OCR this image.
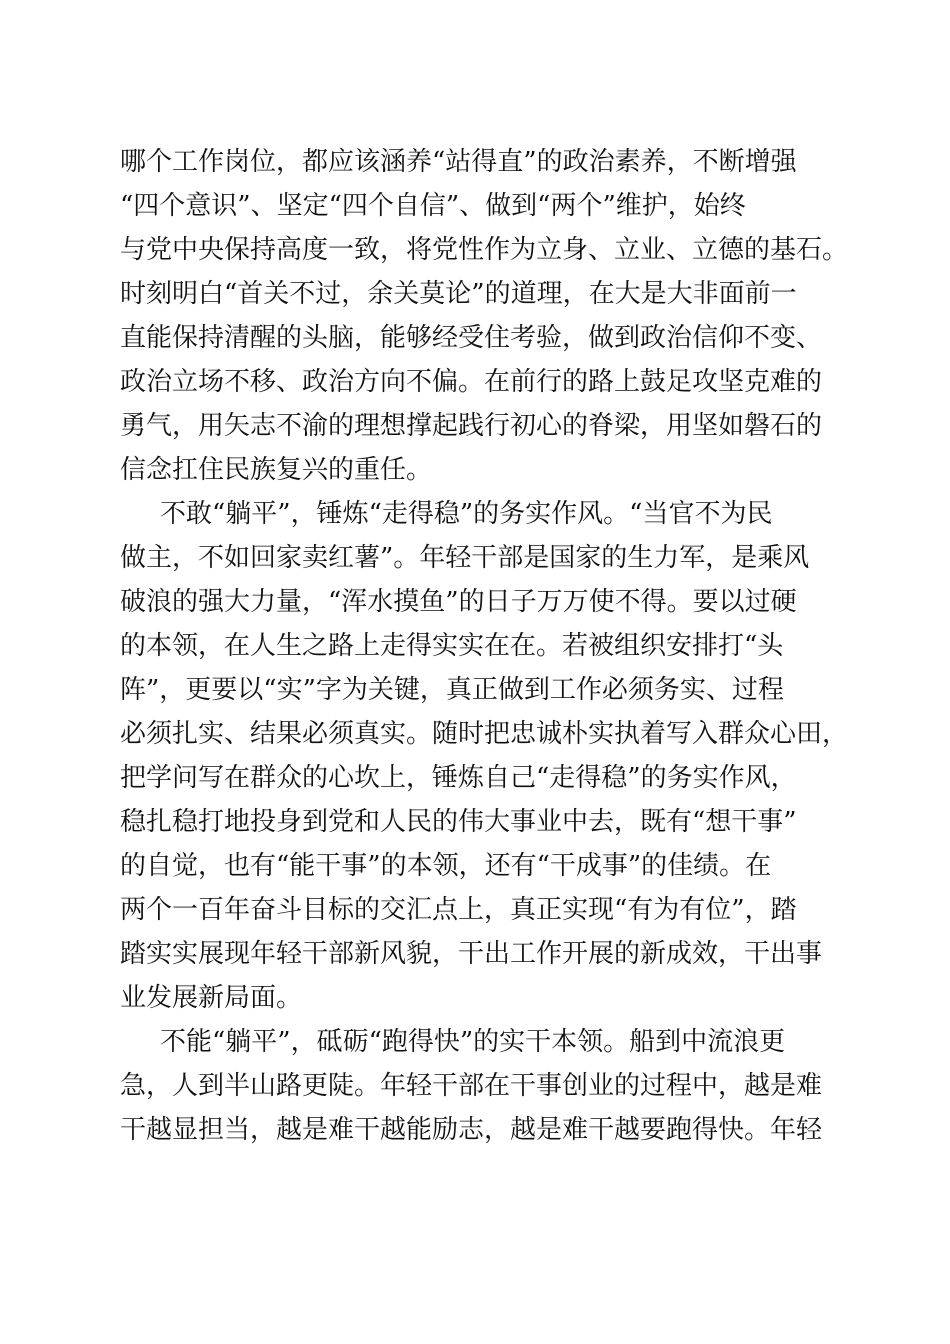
哪个工作岗位，都应该涵养“站得直”的政治素养，不断增强
“四个意识”、坚定“四个自信”、做到“两个”维护，始终
与党中央保持高度一致，将党性作为立身、立业、立德的基石。
时刻明白“首关不过，余关莫论”的道理，在大是大非面前一
直能保持清醒的头脑，能够经受住考验，做到政治信仰不变、
政治立场不移、政治方向不偏。在前行的路上鼓足攻坚克难的
勇气，用矢志不渝的理想撑起践行初心的脊梁，用坚如磐石的
信念扛住民族复兴的重任。
不敢“躺平”，锤炼“走得稳”的务实作风。“当官不为民
做主，不如回家卖红薯”。年轻干部是国家的生力军，是乘风
破浪的强大力量，“浑水摸鱼”的日子万万使不得。要以过硬
的本领，在人生之路上走得实实在在。若被组织安排打“头
阵”，更要以“实”字为关键，真正做到工作必须务实、过程
必须扎实、结果必须真实。随时把忠诚朴实执着写入群众心田，
把学问写在群众的心坎上，锤炼自己“走得稳”的务实作风，
稳扎稳打地投身到党和人民的伟大事业中去，既有“想干事”
的自觉，也有“能干事”的本领，还有“干成事”的佳绩。在
两个一百年奋斗目标的交汇点上，真正实现“有为有位”，踏
踏实实展现年轻干部新风貌，干出工作开展的新成效，干出事
业发展新局面。
不能“躺平”，砥砺“跑得快”的实干本领。船到中流浪更
急，人到半山路更陡。年轻干部在干事创业的过程中，越是难
干越显担当，越是难干越能励志，越是难干越要跑得快。年轻
